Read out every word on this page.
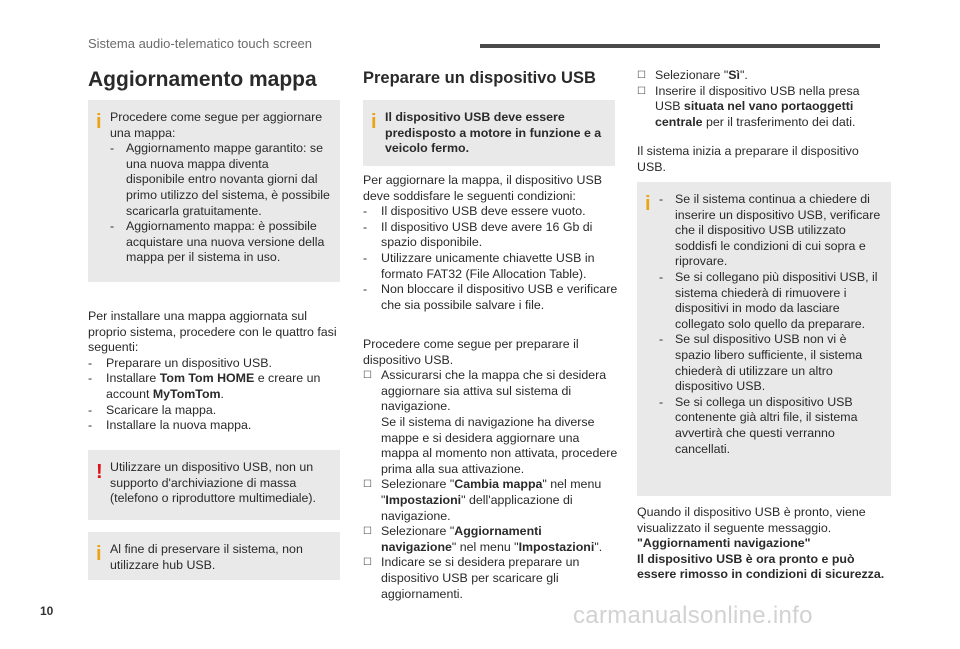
Sistema audio-telematico touch screen
Aggiornamento mappa
i Procedere come segue per aggiornare una mappa:

- Aggiornamento mappe garantito: se una nuova mappa diventa disponibile entro novanta giorni dal primo utilizzo del sistema, è possibile scaricarla gratuitamente.
- Aggiornamento mappa: è possibile acquistare una nuova versione della mappa per il sistema in uso.

Per installare una mappa aggiornata sul proprio sistema, procedere con le quattro fasi seguenti:

- Preparare un dispositivo USB.
- Installare Tom Tom HOME e creare un account MyTomTom.
- Scaricare la mappa.
- Installare la nuova mappa.
! Utilizzare un dispositivo USB, non un supporto d'archiviazione di massa (telefono o riproduttore multimediale).

i Al fine di preservare il sistema, non utilizzare hub USB.

Preparare un dispositivo USB
i Il dispositivo USB deve essere predisposto a motore in funzione e a veicolo fermo.

Per aggiornare la mappa, il dispositivo USB deve soddisfare le seguenti condizioni:

- Il dispositivo USB deve essere vuoto.
- Il dispositivo USB deve avere 16 Gb di spazio disponibile.
- Utilizzare unicamente chiavette USB in formato FAT32 (File Allocation Table).
- Non bloccare il dispositivo USB e verificare che sia possibile salvare i file.

Procedere come segue per preparare il dispositivo USB.

☐ Assicurarsi che la mappa che si desidera aggiornare sia attiva sul sistema di navigazione.
Se il sistema di navigazione ha diverse mappe e si desidera aggiornare una mappa al momento non attivata, procedere prima alla sua attivazione.
☐ Selezionare "Cambia mappa" nel menu "Impostazioni" dell'applicazione di navigazione.
☐ Selezionare "Aggiornamenti navigazione" nel menu "Impostazioni".
☐ Indicare se si desidera preparare un dispositivo USB per scaricare gli aggiornamenti.
☐ Selezionare "Sì".
☐ Inserire il dispositivo USB nella presa USB situata nel vano portaoggetti centrale per il trasferimento dei dati.

Il sistema inizia a preparare il dispositivo USB.

i - Se il sistema continua a chiedere di inserire un dispositivo USB, verificare che il dispositivo USB utilizzato soddisfi le condizioni di cui sopra e riprovare.
- Se si collegano più dispositivi USB, il sistema chiederà di rimuovere i dispositivi in modo da lasciare collegato solo quello da preparare.
- Se sul dispositivo USB non vi è spazio libero sufficiente, il sistema chiederà di utilizzare un altro dispositivo USB.
- Se si collega un dispositivo USB contenente già altri file, il sistema avvertirà che questi verranno cancellati.

Quando il dispositivo USB è pronto, viene visualizzato il seguente messaggio.

"Aggiornamenti navigazione"

Il dispositivo USB è ora pronto e può essere rimosso in condizioni di sicurezza.

10	carmanualsonline.info
